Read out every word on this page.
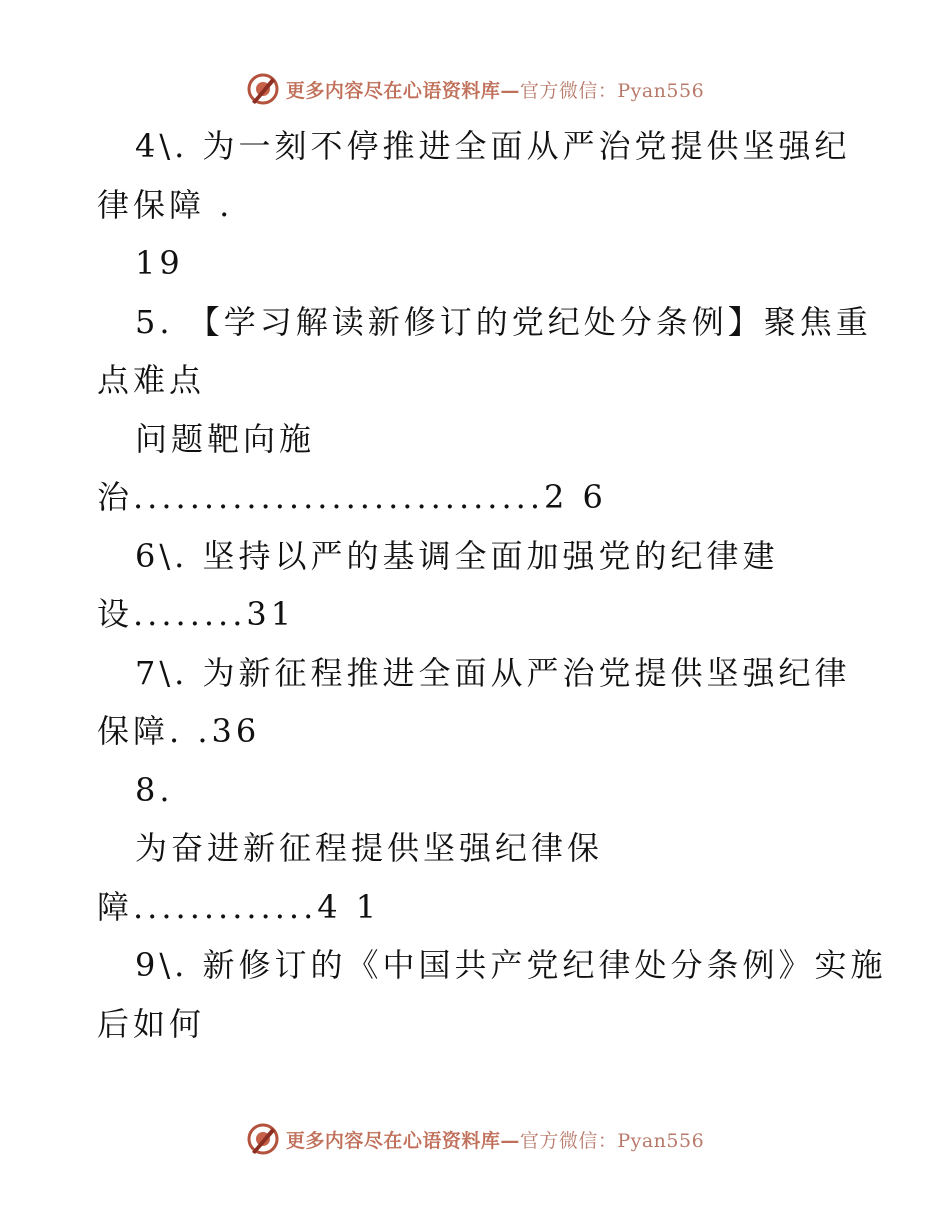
更多内容尽在心语资料库—官方微信：Pyan556
4\. 为一刻不停推进全面从严治党提供坚强纪
律保障 .
19
5. 【学习解读新修订的党纪处分条例】聚焦重
点难点
问题靶向施
治.............................2 6
6\. 坚持以严的基调全面加强党的纪律建
设........31
7\. 为新征程推进全面从严治党提供坚强纪律
保障. .36
8.
为奋进新征程提供坚强纪律保
障.............4 1
9\. 新修订的《中国共产党纪律处分条例》实施
后如何
更多内容尽在心语资料库—官方微信：Pyan556
